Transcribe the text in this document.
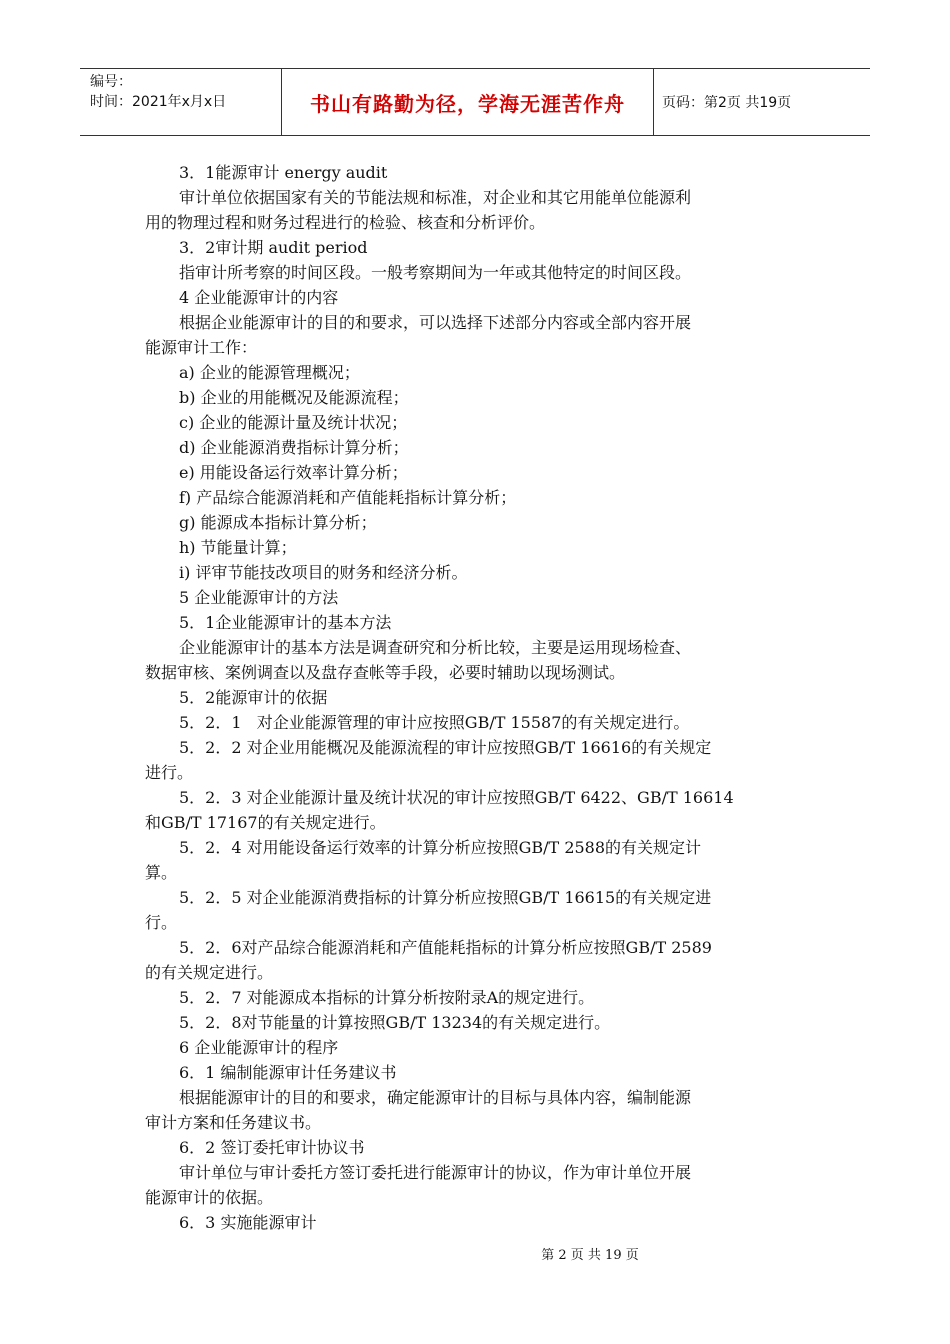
编号：
时间：2021年x月x日	书山有路勤为径，学海无涯苦作舟	页码：第2页 共19页
3．1能源审计 energy audit
审计单位依据国家有关的节能法规和标准，对企业和其它用能单位能源利
用的物理过程和财务过程进行的检验、核查和分析评价。
3．2审计期 audit period
指审计所考察的时间区段。一般考察期间为一年或其他特定的时间区段。
4 企业能源审计的内容
根据企业能源审计的目的和要求，可以选择下述部分内容或全部内容开展
能源审计工作：
a) 企业的能源管理概况；
b) 企业的用能概况及能源流程；
c) 企业的能源计量及统计状况；
d) 企业能源消费指标计算分析；
e) 用能设备运行效率计算分析；
f) 产品综合能源消耗和产值能耗指标计算分析；
g) 能源成本指标计算分析；
h) 节能量计算；
i) 评审节能技改项目的财务和经济分析。
5 企业能源审计的方法
5．1企业能源审计的基本方法
企业能源审计的基本方法是调查研究和分析比较，主要是运用现场检查、
数据审核、案例调查以及盘存查帐等手段，必要时辅助以现场测试。
5．2能源审计的依据
5．2．1   对企业能源管理的审计应按照GB/T 15587的有关规定进行。
5．2．2 对企业用能概况及能源流程的审计应按照GB/T 16616的有关规定
进行。
5．2．3 对企业能源计量及统计状况的审计应按照GB/T 6422、GB/T 16614
和GB/T 17167的有关规定进行。
5．2．4 对用能设备运行效率的计算分析应按照GB/T 2588的有关规定计
算。
5．2．5 对企业能源消费指标的计算分析应按照GB/T 16615的有关规定进
行。
5．2．6对产品综合能源消耗和产值能耗指标的计算分析应按照GB/T 2589
的有关规定进行。
5．2．7 对能源成本指标的计算分析按附录A的规定进行。
5．2．8对节能量的计算按照GB/T 13234的有关规定进行。
6 企业能源审计的程序
6．1 编制能源审计任务建议书
根据能源审计的目的和要求，确定能源审计的目标与具体内容，编制能源
审计方案和任务建议书。
6．2 签订委托审计协议书
审计单位与审计委托方签订委托进行能源审计的协议，作为审计单位开展
能源审计的依据。
6．3 实施能源审计
第 2 页 共 19 页
